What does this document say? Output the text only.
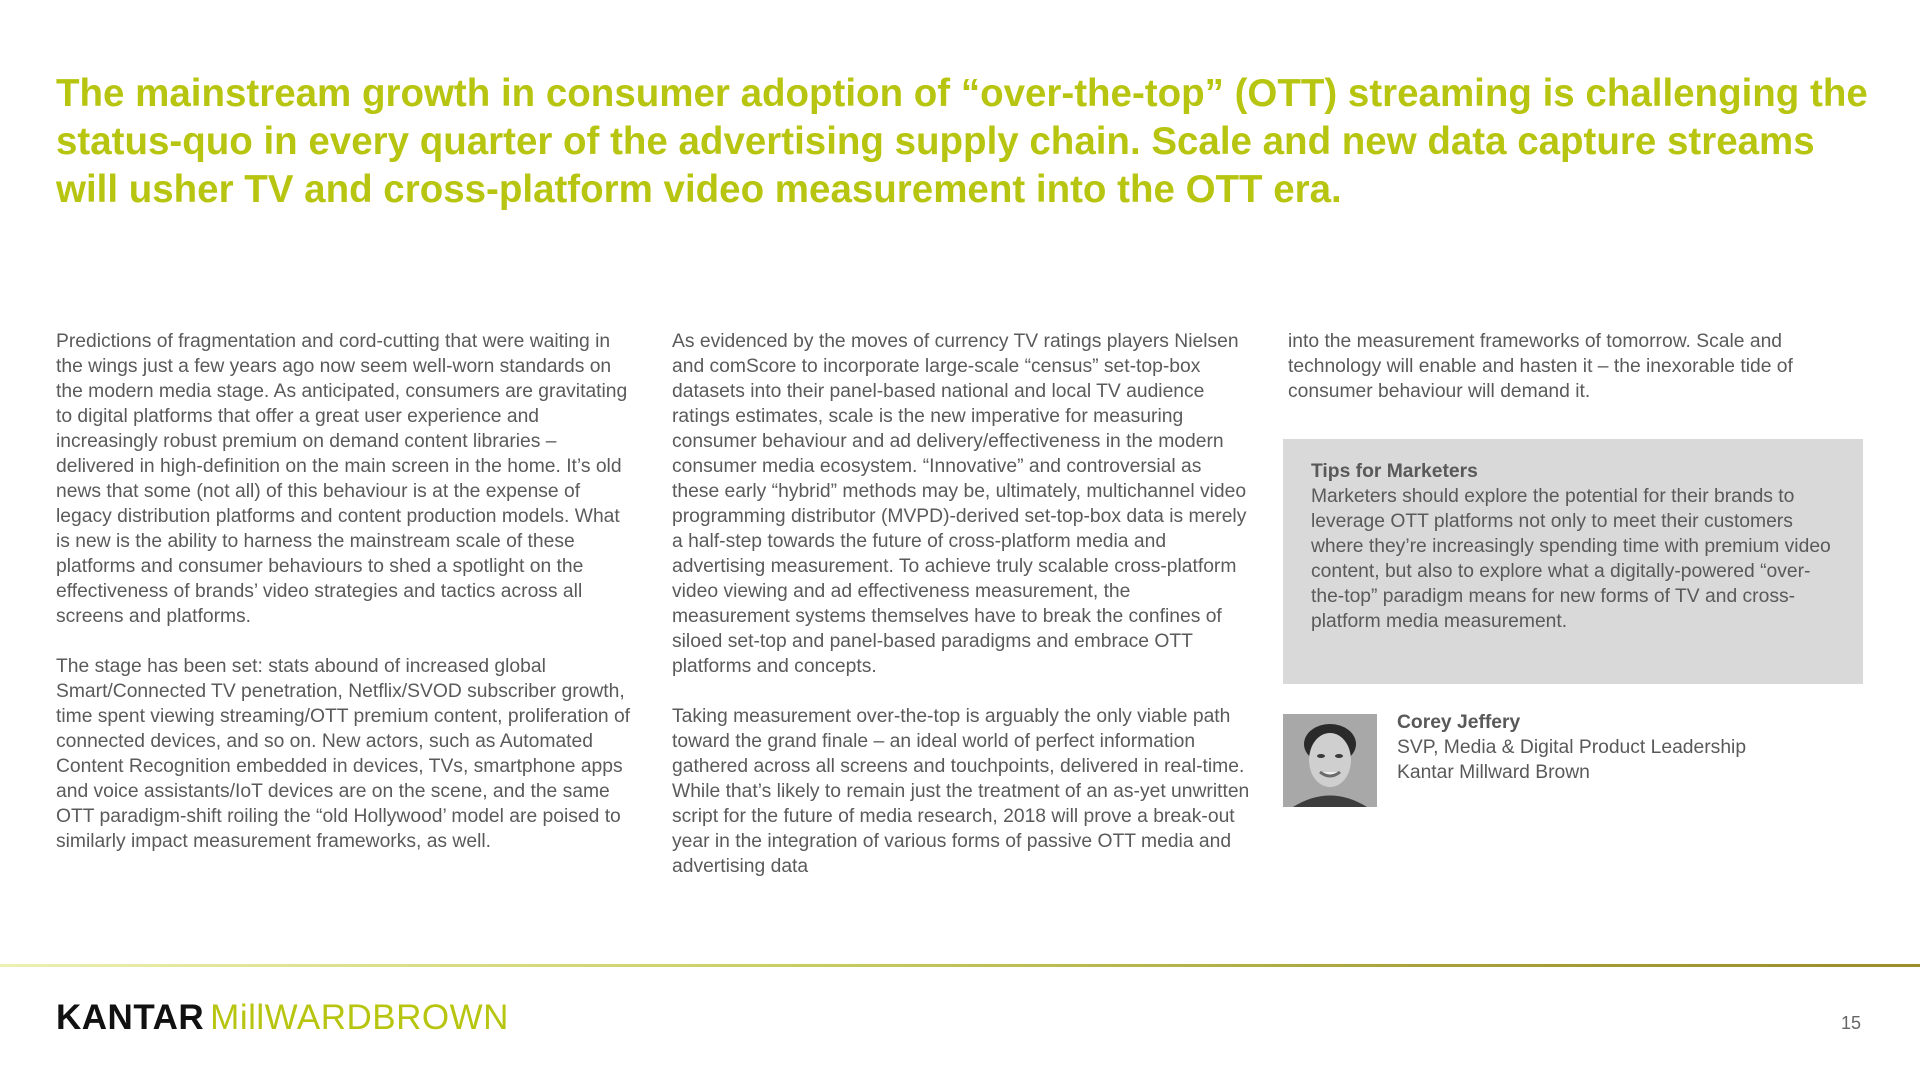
The mainstream growth in consumer adoption of “over-the-top” (OTT) streaming is challenging the status-quo in every quarter of the advertising supply chain. Scale and new data capture streams will usher TV and cross-platform video measurement into the OTT era.

Predictions of fragmentation and cord-cutting that were waiting in the wings just a few years ago now seem well-worn standards on the modern media stage. As anticipated, consumers are gravitating to digital platforms that offer a great user experience and increasingly robust premium on demand content libraries – delivered in high-definition on the main screen in the home. It’s old news that some (not all) of this behaviour is at the expense of legacy distribution platforms and content production models. What is new is the ability to harness the mainstream scale of these platforms and consumer behaviours to shed a spotlight on the effectiveness of brands’ video strategies and tactics across all screens and platforms.

The stage has been set: stats abound of increased global Smart/Connected TV penetration, Netflix/SVOD subscriber growth, time spent viewing streaming/OTT premium content, proliferation of connected devices, and so on. New actors, such as Automated Content Recognition embedded in devices, TVs, smartphone apps and voice assistants/IoT devices are on the scene, and the same OTT paradigm-shift roiling the “old Hollywood’ model are poised to similarly impact measurement frameworks, as well.

As evidenced by the moves of currency TV ratings players Nielsen and comScore to incorporate large-scale “census” set-top-box datasets into their panel-based national and local TV audience ratings estimates, scale is the new imperative for measuring consumer behaviour and ad delivery/effectiveness in the modern consumer media ecosystem. “Innovative” and controversial as these early “hybrid” methods may be, ultimately, multichannel video programming distributor (MVPD)-derived set-top-box data is merely a half-step towards the future of cross-platform media and advertising measurement. To achieve truly scalable cross-platform video viewing and ad effectiveness measurement, the measurement systems themselves have to break the confines of siloed set-top and panel-based paradigms and embrace OTT platforms and concepts.

Taking measurement over-the-top is arguably the only viable path toward the grand finale – an ideal world of perfect information gathered across all screens and touchpoints, delivered in real-time. While that’s likely to remain just the treatment of an as-yet unwritten script for the future of media research, 2018 will prove a break-out year in the integration of various forms of passive OTT media and advertising data

into the measurement frameworks of tomorrow. Scale and technology will enable and hasten it – the inexorable tide of consumer behaviour will demand it.

Tips for Marketers
Marketers should explore the potential for their brands to leverage OTT platforms not only to meet their customers where they’re increasingly spending time with premium video content, but also to explore what a digitally-powered “over-the-top” paradigm means for new forms of TV and cross-platform media measurement.
Corey Jeffery
SVP, Media & Digital Product Leadership
Kantar Millward Brown
KANTAR MillWARDBROWN	15
